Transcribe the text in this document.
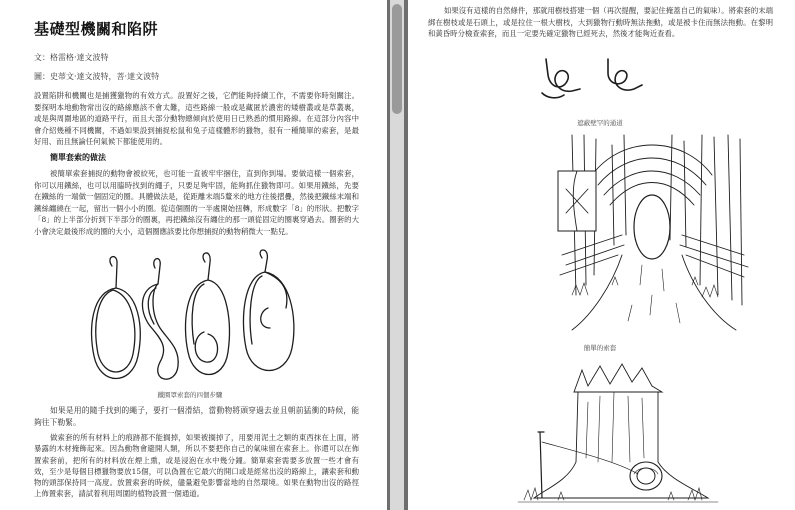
基礎型機關和陷阱
文：格雷格·達文波特
圖：史蒂文·達文波特，菩·達文波特
設置陷阱和機關也是捕獲獵物的有效方式。設置好之後，它們能夠持續工作，不需要你時刻關注。要探明本地動物常出沒的路線應該不會太難，這些路線一般或是藏匿於濃密的矮樹叢或是草叢裏，或是與周圍地區的道路平行，而且大部分動物總傾向於使用日已熟悉的慣用路線。在這部分內容中會介紹幾種不同機關，不過如果設到捕捉松鼠和兔子這樣體形的獵物，很有一種簡單的索套，是最好用、而且無論任何氣候下都能使用的。
簡單套索的做法
被簡單索套捕捉的動物會被絞死，也可能一直被牢牢捆住，直到你到場。要做這樣一個索套，你可以用鐵絲，也可以用臨時找到的繩子，只要足夠牢固，能夠抓住獵物即可。如果用鐵絲，先要在鐵絲的一端做一個固定的圈。具體做法是，從距離末端5釐米的地方往後摺疊，然後把鐵絲末端和鐵絲纏繞在一起，留出一個小小的圈。從這個圈的一半處開始扭轉，形成數字「8」的形狀。把數字「8」的上半部分折到下半部分的圈裏，再把鐵絲沒有纏住的那一頭從固定的圈裏穿過去。圈套的大小會決定最後形成的圈的大小，這個圈應該要比你想捕捉的動物稍微大一點兒。
鐵圈罩索套的四個步驟
如果是用的隨手找到的繩子，要打一個滑結，當動物將頭穿過去並且朝前猛衝的時候，能夠往下勒緊。
做索套的所有材料上的痕跡都不能搁掉，如果被搁掉了，用要用泥土之類的東西抹在上面，將暴露的木材掩飾起來。因為動物會避開人類，所以不要把你自己的氣味留在索套上。你還可以在佈置索套前，把所有的材料放在煙上熏，或是浸泡在水中幾分鐘。簡單索套需要多放置一些才會有效，至少是每個目標獵物要放15個，可以偽置在它最穴的開口或是經常出沒的路線上，讓索套和動物的頭部保持同一高度。放置索套的時候，儘量避免影響當地的自然環境。如果在動物出沒的路徑上佈置索套，請試着利用周圍的植物設置一個通道。
如果沒有這樣的自然條件，那就用樹枝搭建一個（再次提醒，要記住掩蓋自己的氣味）。將索套的末端綁在樹枝或是石頭上，或是拉住一根大樹枝，大到獵物行動時無法拖動，或是被卡住而無法拖動。在黎明和黃昏時分檢查索套，而且一定要先確定獵物已經死去，然後才能夠近查看。
遮蔽壁罕的通道
簡單的索套
